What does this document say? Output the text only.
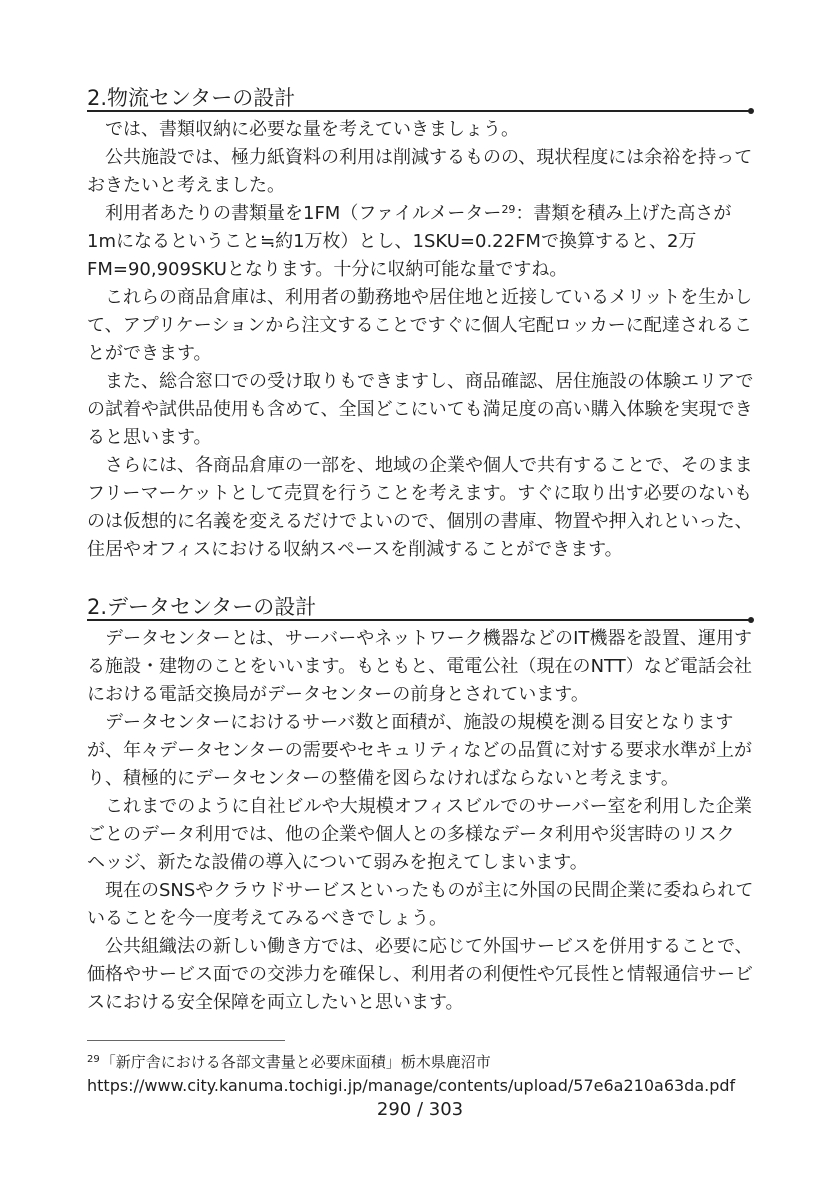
2.物流センターの設計
では、書類収納に必要な量を考えていきましょう。
公共施設では、極力紙資料の利用は削減するものの、現状程度には余裕を持って
おきたいと考えました。
利用者あたりの書類量を1FM（ファイルメーター$^{29}$：書類を積み上げた高さが
1mになるということ≒約1万枚）とし、1SKU=0.22FMで換算すると、2万
FM=90,909SKUとなります。十分に収納可能な量ですね。
これらの商品倉庫は、利用者の勤務地や居住地と近接しているメリットを生かし
て、アプリケーションから注文することですぐに個人宅配ロッカーに配達されるこ
とができます。
また、総合窓口での受け取りもできますし、商品確認、居住施設の体験エリアで
の試着や試供品使用も含めて、全国どこにいても満足度の高い購入体験を実現でき
ると思います。
さらには、各商品倉庫の一部を、地域の企業や個人で共有することで、そのまま
フリーマーケットとして売買を行うことを考えます。すぐに取り出す必要のないも
のは仮想的に名義を変えるだけでよいので、個別の書庫、物置や押入れといった、
住居やオフィスにおける収納スペースを削減することができます。
2.データセンターの設計
データセンターとは、サーバーやネットワーク機器などのIT機器を設置、運用す
る施設・建物のことをいいます。もともと、電電公社（現在のNTT）など電話会社
における電話交換局がデータセンターの前身とされています。
データセンターにおけるサーバ数と面積が、施設の規模を測る目安となります
が、年々データセンターの需要やセキュリティなどの品質に対する要求水準が上が
り、積極的にデータセンターの整備を図らなければならないと考えます。
これまでのように自社ビルや大規模オフィスビルでのサーバー室を利用した企業
ごとのデータ利用では、他の企業や個人との多様なデータ利用や災害時のリスク
ヘッジ、新たな設備の導入について弱みを抱えてしまいます。
現在のSNSやクラウドサービスといったものが主に外国の民間企業に委ねられて
いることを今一度考えてみるべきでしょう。
公共組織法の新しい働き方では、必要に応じて外国サービスを併用することで、
価格やサービス面での交渉力を確保し、利用者の利便性や冗長性と情報通信サービ
スにおける安全保障を両立したいと思います。
$^{29}$「新庁舎における各部文書量と必要床面積」栃木県鹿沼市
https://www.city.kanuma.tochigi.jp/manage/contents/upload/57e6a210a63da.pdf
290 / 303
